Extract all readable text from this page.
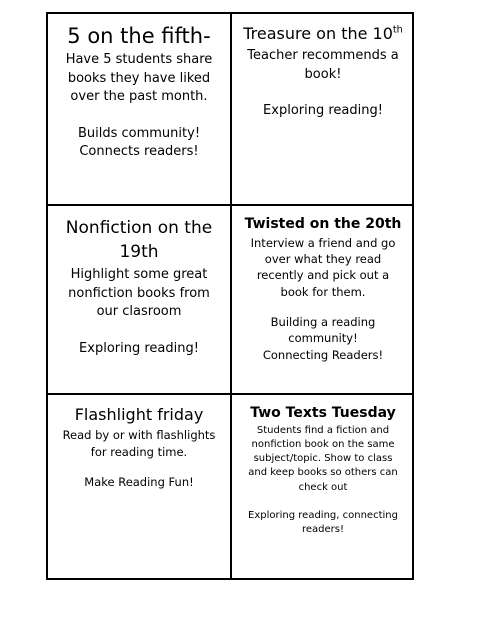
5 on the fifth-
Have 5 students share
books they have liked
over the past month.
Builds community!
Connects readers!
Treasure on the 10th
Teacher recommends a
book!
Exploring reading!
Nonfiction on the
19th
Highlight some great
nonfiction books from
our clasroom
Exploring reading!
Twisted on the 20th
Interview a friend and go
over what they read
recently and pick out a
book for them.
Building a reading
community!
Connecting Readers!
Flashlight friday
Read by or with flashlights
for reading time.
Make Reading Fun!
Two Texts Tuesday
Students find a fiction and
nonfiction book on the same
subject/topic. Show to class
and keep books so others can
check out
Exploring reading, connecting
readers!
